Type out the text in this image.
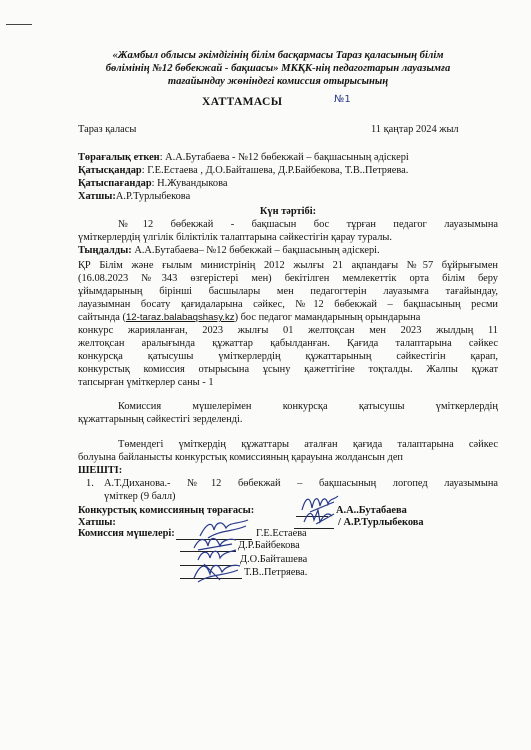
«Жамбыл облысы әкімдігінің білім басқармасы Тараз қаласының білім
бөлімінің №12 бөбекжай - бақшасы» МКҚК-нің педагогтарын лауазымға
тағайындау жөніндегі комиссия отырысының
ХАТТАМАСЫ	№1
Тараз қаласы	11 қаңтар 2024 жыл
Төрағалық еткен: А.А.Бутабаева - №12 бөбекжай – бақшасының әдіскері
Қатысқандар: Г.Е.Естаева , Д.О.Байташева, Д.Р.Байбекова, Т.В..Петряева.
Қатыспағандар: Н.Жувандыкова
Хатшы:А.Р.Турлыбекова
Күн тәртібі:
№12 бөбекжай - бақшасын бос тұрған педагог лауазымына
үміткерлердің үлгілік біліктілік талаптарына сәйкестігін қарау туралы.
Тыңдалды: А.А.Бутабаева– №12 бөбекжай – бақшасының әдіскері.
ҚР Білім және ғылым министрінің 2012 жылғы 21 ақпандағы №57 бұйрығымен
(16.08.2023 №343 өзгерістері мен) бекітілген мемлекеттік орта білім беру
ұйымдарының бірінші басшылары мен педагогтерін лауазымға тағайындау,
лауазымнан босату қағидаларына сәйкес, №12 бөбекжай – бақшасының ресми
сайтында (12-taraz.balabaqshasy.kz) бос педагог мамандарының орындарына
конкурс жарияланған, 2023 жылғы 01 желтоқсан мен 2023 жылдың 11
желтоқсан аралығында құжаттар қабылданған. Қағида талаптарына сәйкес
конкурсқа қатысушы үміткерлердің құжаттарының сәйкестігін қарап,
конкурстық комиссия отырысына ұсыну қажеттігіне тоқталды. Жалпы құжат
тапсырған үміткерлер саны - 1
Комиссия мүшелерімен конкурсқа қатысушы үміткерлердің
құжаттарының сәйкестігі зерделенді.
Төмендегі үміткердің құжаттары аталған қағида талаптарына сәйкес
болуына байланысты конкурстық комиссияның қарауына жолдансын деп
ШЕШТІ:
1. А.Т.Диханова.- №12 бөбекжай – бақшасының логопед лауазымына
үміткер (9 балл)
Конкурстық комиссияның төрағасы:	А.А..Бутабаева
Хатшы:	/ А.Р.Турлыбекова
Комиссия мүшелері:	Г.Е.Естаева
Д.Р.Байбекова
Д.О.Байташева
Т.В..Петряева.
